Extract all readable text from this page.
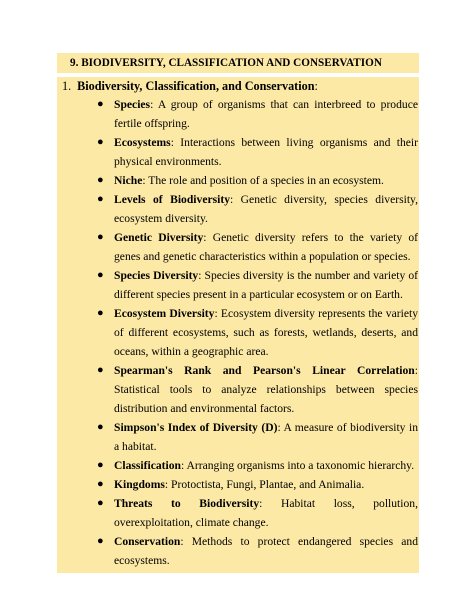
9. BIODIVERSITY, CLASSIFICATION AND CONSERVATION
1. Biodiversity, Classification, and Conservation:
● Species: A group of organisms that can interbreed to produce fertile offspring.
● Ecosystems: Interactions between living organisms and their physical environments.
● Niche: The role and position of a species in an ecosystem.
● Levels of Biodiversity: Genetic diversity, species diversity, ecosystem diversity.
● Genetic Diversity: Genetic diversity refers to the variety of genes and genetic characteristics within a population or species.
● Species Diversity: Species diversity is the number and variety of different species present in a particular ecosystem or on Earth.
● Ecosystem Diversity: Ecosystem diversity represents the variety of different ecosystems, such as forests, wetlands, deserts, and oceans, within a geographic area.
● Spearman's Rank and Pearson's Linear Correlation: Statistical tools to analyze relationships between species distribution and environmental factors.
● Simpson's Index of Diversity (D): A measure of biodiversity in a habitat.
● Classification: Arranging organisms into a taxonomic hierarchy.
● Kingdoms: Protoctista, Fungi, Plantae, and Animalia.
● Threats to Biodiversity: Habitat loss, pollution, overexploitation, climate change.
● Conservation: Methods to protect endangered species and ecosystems.
